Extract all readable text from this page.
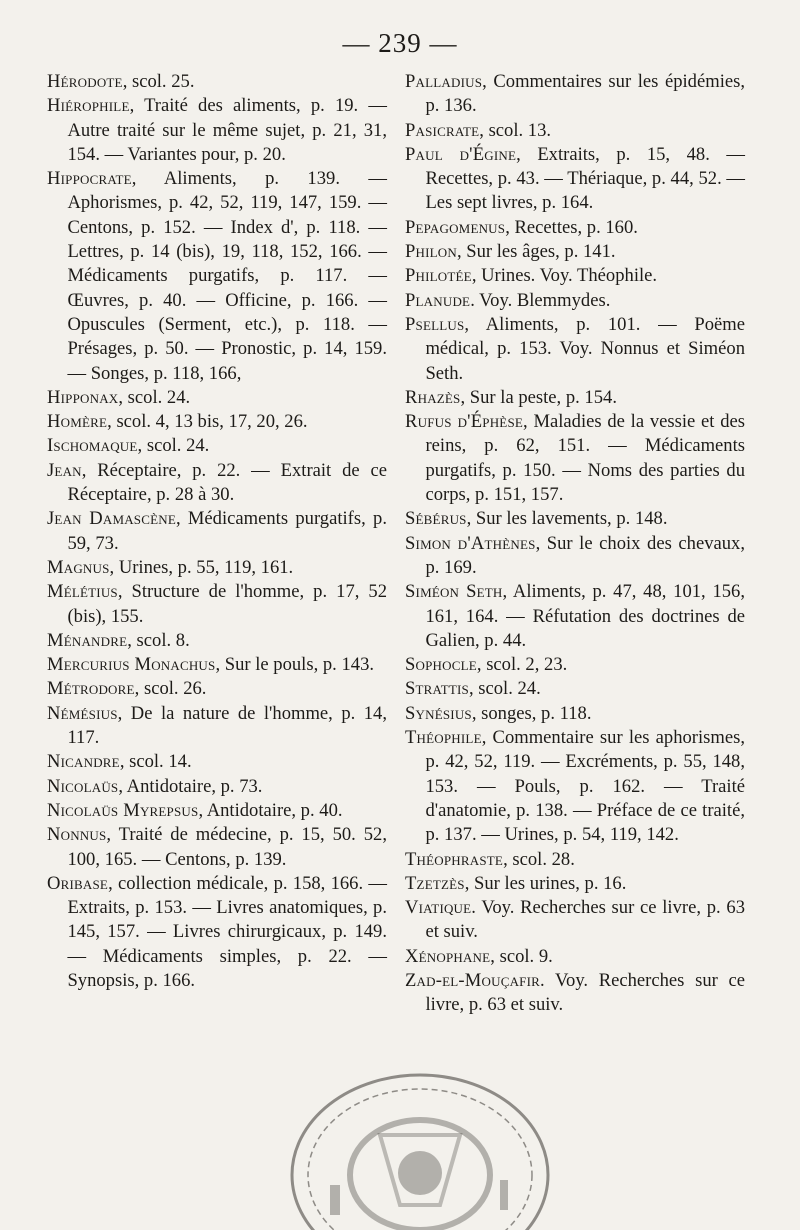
— 239 —

Hérodote, scol. 25.

Hiérophile, Traité des aliments, p. 19. — Autre traité sur le même sujet, p. 21, 31, 154. — Variantes pour, p. 20.

Hippocrate, Aliments, p. 139. — Aphorismes, p. 42, 52, 119, 147, 159. — Centons, p. 152. — Index d', p. 118. — Lettres, p. 14 (bis), 19, 118, 152, 166. — Médicaments purgatifs, p. 117. — Œuvres, p. 40. — Officine, p. 166. — Opuscules (Serment, etc.), p. 118. — Présages, p. 50. — Pronostic, p. 14, 159. — Songes, p. 118, 166,

Hipponax, scol. 24.

Homère, scol. 4, 13 bis, 17, 20, 26.

Ischomaque, scol. 24.

Jean, Réceptaire, p. 22. — Extrait de ce Réceptaire, p. 28 à 30.

Jean Damascène, Médicaments purgatifs, p. 59, 73.

Magnus, Urines, p. 55, 119, 161.

Mélétius, Structure de l'homme, p. 17, 52 (bis), 155.

Ménandre, scol. 8.

Mercurius Monachus, Sur le pouls, p. 143.

Métrodore, scol. 26.

Némésius, De la nature de l'homme, p. 14, 117.

Nicandre, scol. 14.

Nicolaüs, Antidotaire, p. 73.

Nicolaüs Myrepsus, Antidotaire, p. 40.

Nonnus, Traité de médecine, p. 15, 50. 52, 100, 165. — Centons, p. 139.

Oribase, collection médicale, p. 158, 166. — Extraits, p. 153. — Livres anatomiques, p. 145, 157. — Livres chirurgicaux, p. 149. — Médicaments simples, p. 22. — Synopsis, p. 166.

Palladius, Commentaires sur les épidémies, p. 136.

Pasicrate, scol. 13.

Paul d'Égine, Extraits, p. 15, 48. — Recettes, p. 43. — Thériaque, p. 44, 52. — Les sept livres, p. 164.

Pepagomenus, Recettes, p. 160.

Philon, Sur les âges, p. 141.

Philotée, Urines. Voy. Théophile.

Planude. Voy. Blemmydes.

Psellus, Aliments, p. 101. — Poëme médical, p. 153. Voy. Nonnus et Siméon Seth.

Rhazès, Sur la peste, p. 154.

Rufus d'Éphèse, Maladies de la vessie et des reins, p. 62, 151. — Médicaments purgatifs, p. 150. — Noms des parties du corps, p. 151, 157.

Sébérus, Sur les lavements, p. 148.

Simon d'Athènes, Sur le choix des chevaux, p. 169.

Siméon Seth, Aliments, p. 47, 48, 101, 156, 161, 164. — Réfutation des doctrines de Galien, p. 44.

Sophocle, scol. 2, 23.

Strattis, scol. 24.

Synésius, songes, p. 118.

Théophile, Commentaire sur les aphorismes, p. 42, 52, 119. — Excréments, p. 55, 148, 153. — Pouls, p. 162. — Traité d'anatomie, p. 138. — Préface de ce traité, p. 137. — Urines, p. 54, 119, 142.

Théophraste, scol. 28.

Tzetzès, Sur les urines, p. 16.

Viatique. Voy. Recherches sur ce livre, p. 63 et suiv.

Xénophane, scol. 9.

Zad-el-Mouçafir. Voy. Recherches sur ce livre, p. 63 et suiv.
